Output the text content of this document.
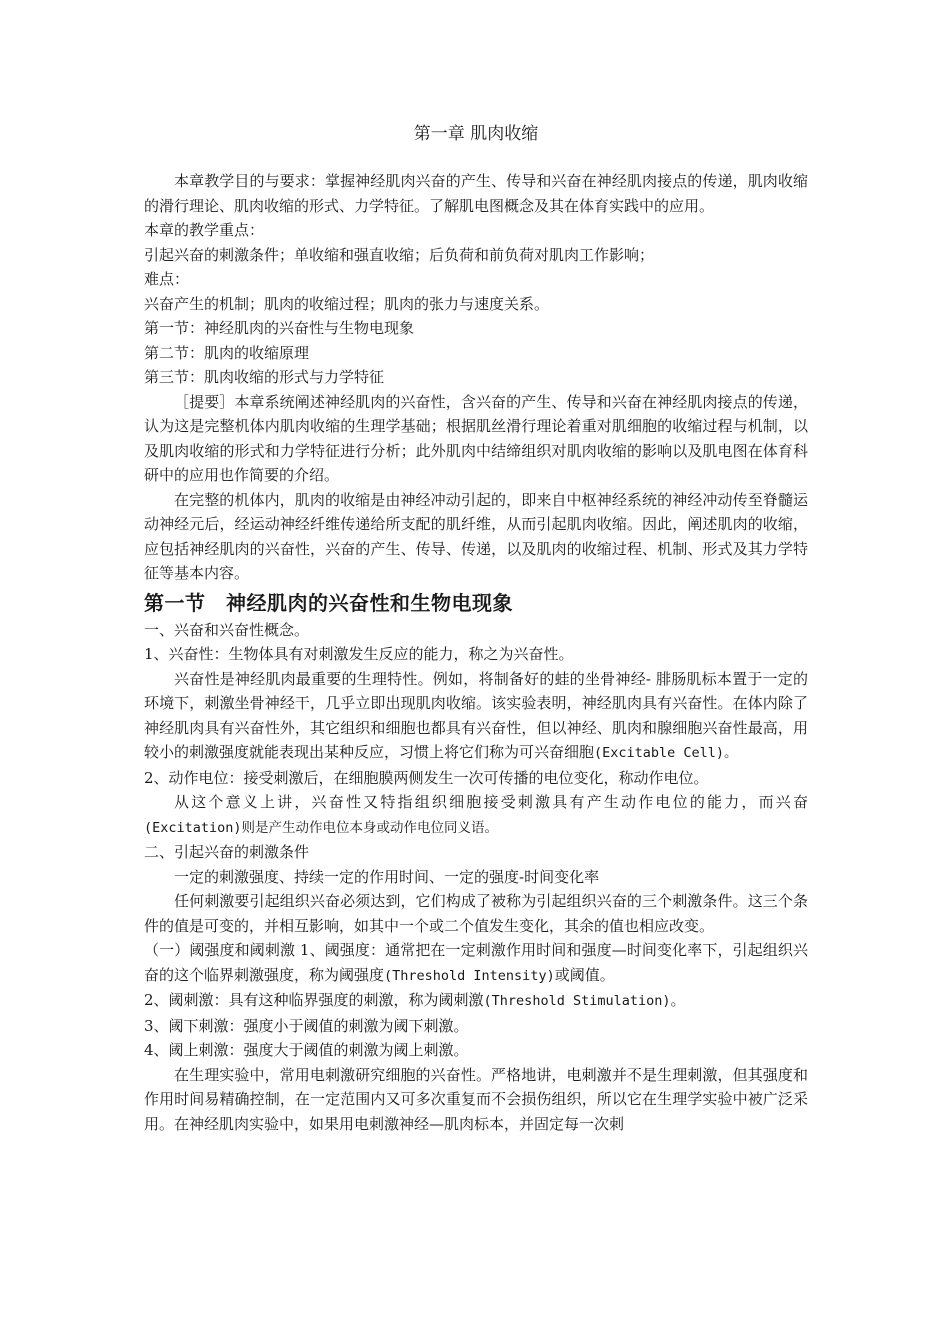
第一章 肌肉收缩

本章教学目的与要求：掌握神经肌肉兴奋的产生、传导和兴奋在神经肌肉接点的传递，肌肉收缩的滑行理论、肌肉收缩的形式、力学特征。了解肌电图概念及其在体育实践中的应用。

本章的教学重点：

引起兴奋的刺激条件；单收缩和强直收缩；后负荷和前负荷对肌肉工作影响；

难点：

兴奋产生的机制；肌肉的收缩过程；肌肉的张力与速度关系。

第一节：神经肌肉的兴奋性与生物电现象

第二节：肌肉的收缩原理

第三节：肌肉收缩的形式与力学特征

［提要］本章系统阐述神经肌肉的兴奋性，含兴奋的产生、传导和兴奋在神经肌肉接点的传递，认为这是完整机体内肌肉收缩的生理学基础；根据肌丝滑行理论着重对肌细胞的收缩过程与机制，以及肌肉收缩的形式和力学特征进行分析；此外肌肉中结缔组织对肌肉收缩的影响以及肌电图在体育科研中的应用也作简要的介绍。

在完整的机体内，肌肉的收缩是由神经冲动引起的，即来自中枢神经系统的神经冲动传至脊髓运动神经元后，经运动神经纤维传递给所支配的肌纤维，从而引起肌肉收缩。因此，阐述肌肉的收缩，应包括神经肌肉的兴奋性，兴奋的产生、传导、传递，以及肌肉的收缩过程、机制、形式及其力学特征等基本内容。

第一节　神经肌肉的兴奋性和生物电现象

一、兴奋和兴奋性概念。

1、兴奋性：生物体具有对刺激发生反应的能力，称之为兴奋性。

兴奋性是神经肌肉最重要的生理特性。例如，将制备好的蛙的坐骨神经- 腓肠肌标本置于一定的环境下，刺激坐骨神经干，几乎立即出现肌肉收缩。该实验表明，神经肌肉具有兴奋性。在体内除了神经肌肉具有兴奋性外，其它组织和细胞也都具有兴奋性，但以神经、肌肉和腺细胞兴奋性最高，用较小的刺激强度就能表现出某种反应，习惯上将它们称为可兴奋细胞(Excitable Cell)。

2、动作电位：接受刺激后，在细胞膜两侧发生一次可传播的电位变化，称动作电位。

从这个意义上讲，兴奋性又特指组织细胞接受刺激具有产生动作电位的能力，而兴奋(Excitation)则是产生动作电位本身或动作电位同义语。

二、引起兴奋的刺激条件

一定的刺激强度、持续一定的作用时间、一定的强度-时间变化率

任何刺激要引起组织兴奋必须达到，它们构成了被称为引起组织兴奋的三个刺激条件。这三个条件的值是可变的，并相互影响，如其中一个或二个值发生变化，其余的值也相应改变。

（一）阈强度和阈刺激 1、阈强度：通常把在一定刺激作用时间和强度—时间变化率下，引起组织兴奋的这个临界刺激强度，称为阈强度(Threshold Intensity)或阈值。

2、阈刺激：具有这种临界强度的刺激，称为阈刺激(Threshold Stimulation)。

3、阈下刺激：强度小于阈值的刺激为阈下刺激。

4、阈上刺激：强度大于阈值的刺激为阈上刺激。

在生理实验中，常用电刺激研究细胞的兴奋性。严格地讲，电刺激并不是生理刺激，但其强度和作用时间易精确控制，在一定范围内又可多次重复而不会损伤组织，所以它在生理学实验中被广泛采用。在神经肌肉实验中，如果用电刺激神经—肌肉标本，并固定每一次刺
